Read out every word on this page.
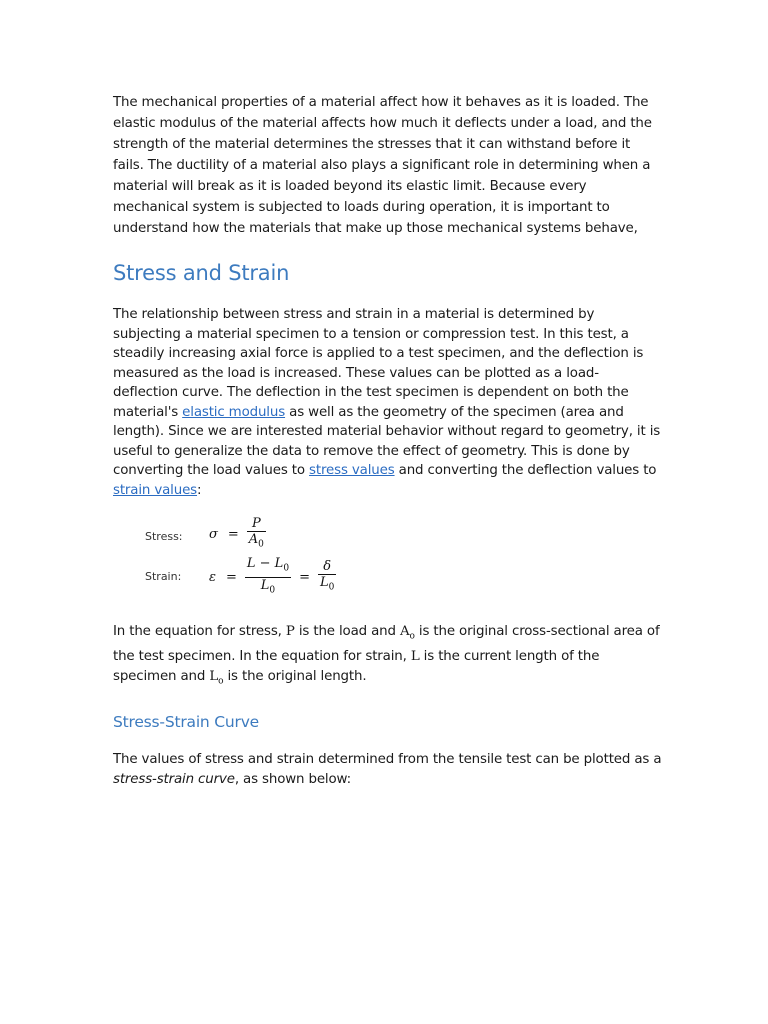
The mechanical properties of a material affect how it behaves as it is loaded. The elastic modulus of the material affects how much it deflects under a load, and the strength of the material determines the stresses that it can withstand before it fails. The ductility of a material also plays a significant role in determining when a material will break as it is loaded beyond its elastic limit. Because every mechanical system is subjected to loads during operation, it is important to understand how the materials that make up those mechanical systems behave,

Stress and Strain

The relationship between stress and strain in a material is determined by subjecting a material specimen to a tension or compression test. In this test, a steadily increasing axial force is applied to a test specimen, and the deflection is measured as the load is increased. These values can be plotted as a load-deflection curve. The deflection in the test specimen is dependent on both the material's elastic modulus as well as the geometry of the specimen (area and length). Since we are interested material behavior without regard to geometry, it is useful to generalize the data to remove the effect of geometry. This is done by converting the load values to stress values and converting the deflection values to strain values:

Stress: $\sigma = \frac{P}{A_0}$
Strain: $\varepsilon = \frac{L - L_0}{L_0} = \frac{\delta}{L_0}$

In the equation for stress, P is the load and $A_o$ is the original cross-sectional area of the test specimen. In the equation for strain, L is the current length of the specimen and $L_o$ is the original length.

Stress-Strain Curve

The values of stress and strain determined from the tensile test can be plotted as a stress-strain curve, as shown below:
